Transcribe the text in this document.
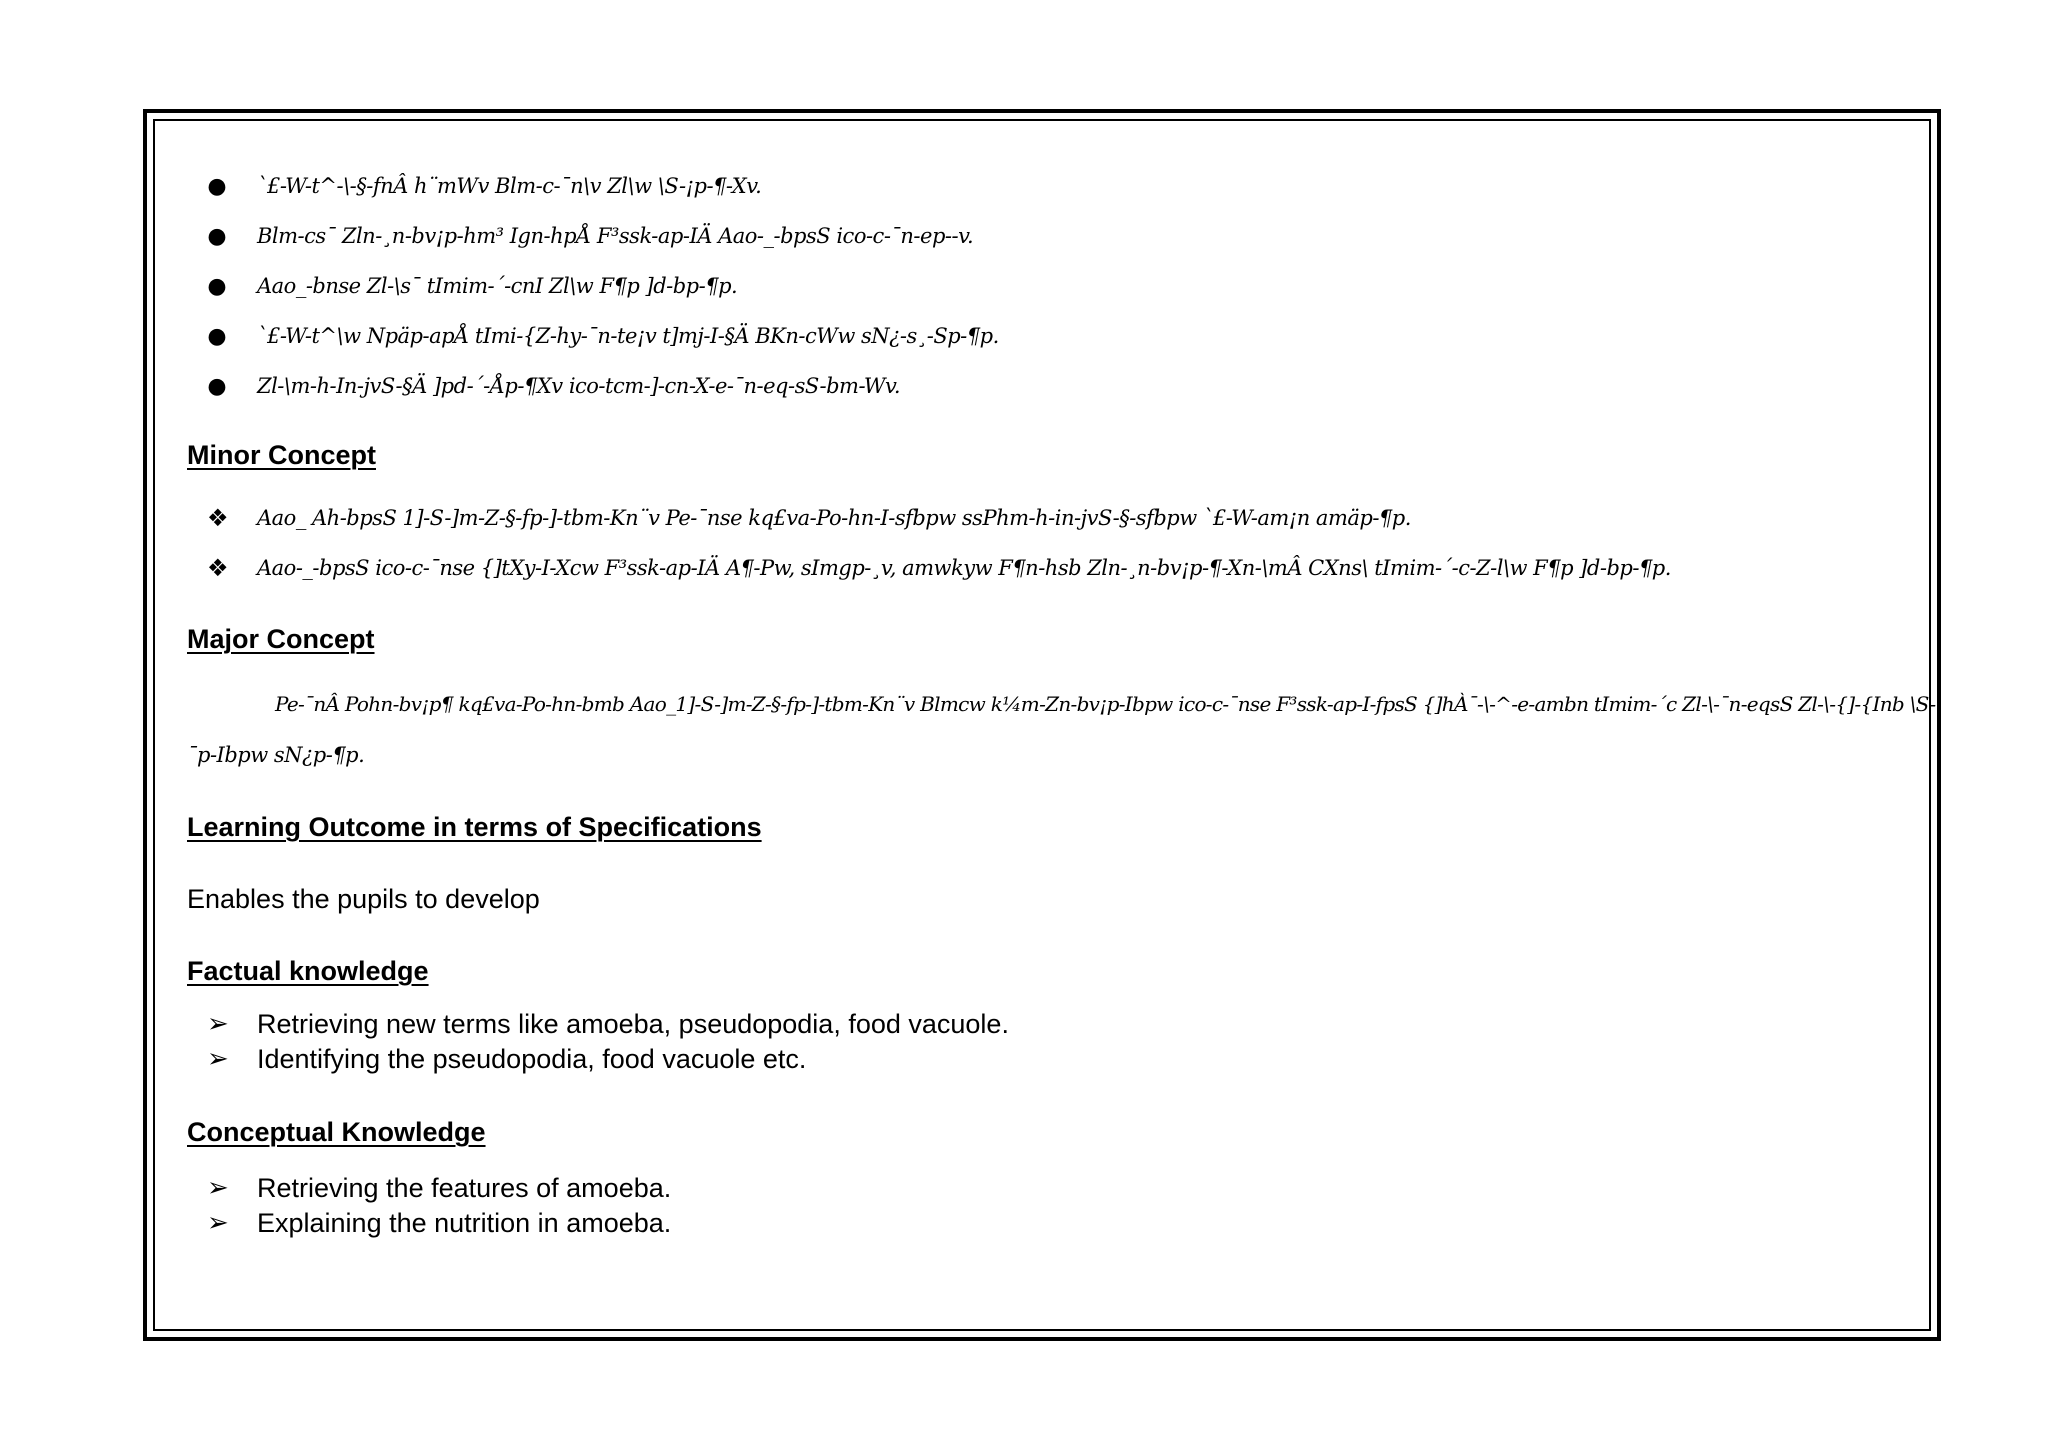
● `£-W-t^-\-§-fnÂ h¨mWv Blm-c-¯n\v Zl\w \S-¡p-¶-Xv.
● Blm-cs¯ Zln-¸n-bv¡p-hm³ Ign-hpÅ F³ssk-ap-IÄ Aao-_-bpsS ico-c-¯n-ep--v.
● Aao_-bnse Zl-\s¯ tImim-´-cnI Zl\w F¶p ]d-bp-¶p.
● `£-W-t^\w Npäp-apÅ tImi-{Z-hy-¯n-te¡v t]mj-I-§Ä BKn-cWw sN¿-s¸-Sp-¶p.
● Zl-\m-h-In-jvS-§Ä ]pd-´-Åp-¶Xv ico-tcm-]-cn-X-e-¯n-eq-sS-bm-Wv.
Minor Concept
❖ Aao_ Ah-bpsS 1]-S-]m-Z-§-fp-]-tbm-Kn¨v Pe-¯nse kq£va-Po-hn-I-sfbpw ssPhm-h-in-jvS-§-sfbpw `£-W-am¡n amäp-¶p.
❖ Aao-_-bpsS ico-c-¯nse {]tXy-I-Xcw F³ssk-ap-IÄ A¶-Pw, sImgp-¸v, amwkyw F¶n-hsb Zln-¸n-bv¡p-¶-Xn-\mÂ CXns\ tImim-´-c-Z-l\w F¶p ]d-bp-¶p.
Major Concept
Pe-¯nÂ Pohn-bv¡p¶ kq£va-Po-hn-bmb Aao_1]-S-]m-Z-§-fp-]-tbm-Kn¨v Blmcw k¼m-Zn-bv¡p-Ibpw ico-c-¯nse F³ssk-ap-I-fpsS {]hÀ¯-\-^-e-ambn tImim-´c Zl-\-¯n-eqsS Zl-\-{]-{Inb \S-
¯p-Ibpw sN¿p-¶p.
Learning Outcome in terms of Specifications
Enables the pupils to develop
Factual knowledge
➢ Retrieving new terms like amoeba, pseudopodia, food vacuole.
➢ Identifying the pseudopodia, food vacuole etc.
Conceptual Knowledge
➢ Retrieving the features of amoeba.
➢ Explaining the nutrition in amoeba.
